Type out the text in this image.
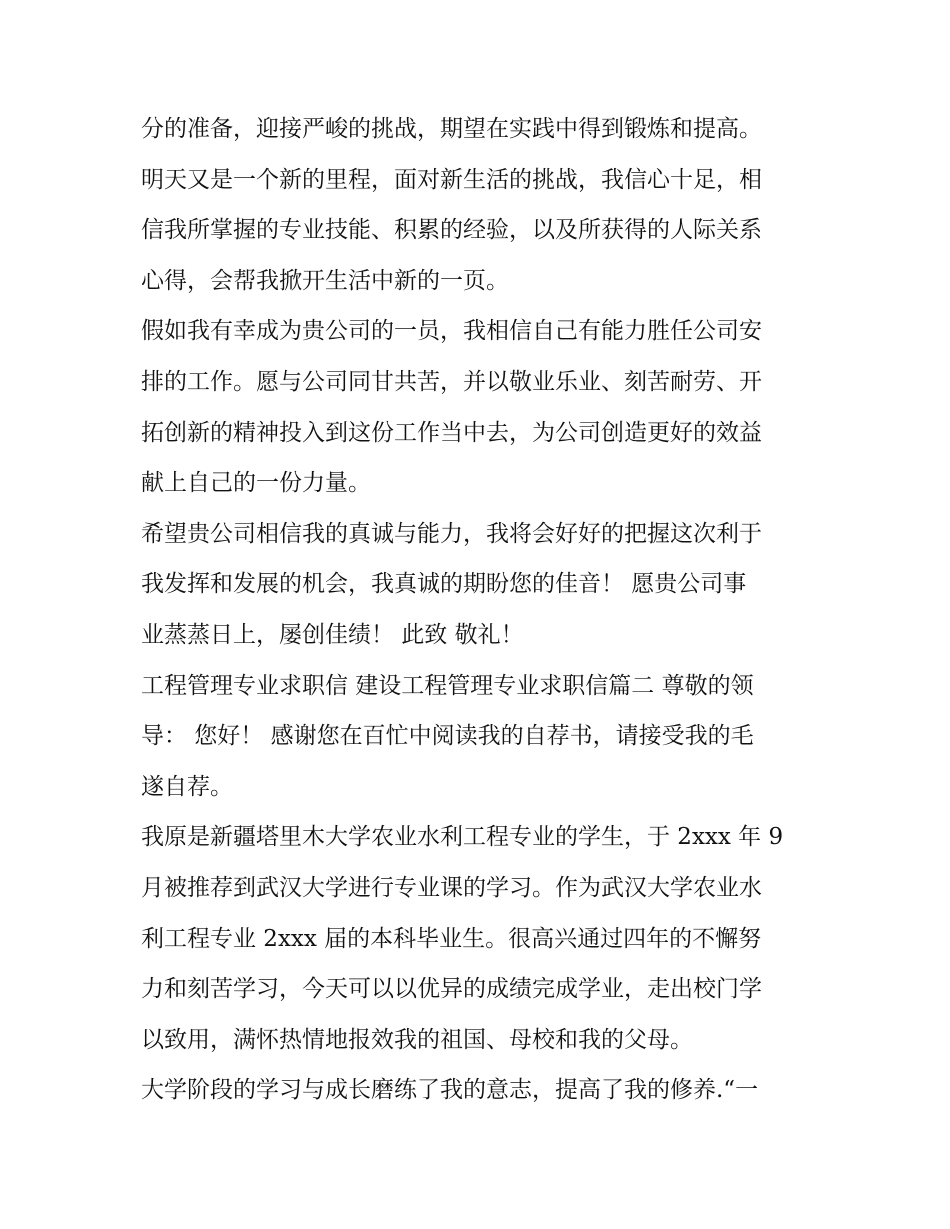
分的准备，迎接严峻的挑战，期望在实践中得到锻炼和提高。
明天又是一个新的里程，面对新生活的挑战，我信心十足，相
信我所掌握的专业技能、积累的经验，以及所获得的人际关系
心得，会帮我掀开生活中新的一页。
假如我有幸成为贵公司的一员，我相信自己有能力胜任公司安
排的工作。愿与公司同甘共苦，并以敬业乐业、刻苦耐劳、开
拓创新的精神投入到这份工作当中去，为公司创造更好的效益
献上自己的一份力量。
希望贵公司相信我的真诚与能力，我将会好好的把握这次利于
我发挥和发展的机会，我真诚的期盼您的佳音！ 愿贵公司事
业蒸蒸日上，屡创佳绩！ 此致 敬礼！
工程管理专业求职信 建设工程管理专业求职信篇二 尊敬的领
导： 您好！ 感谢您在百忙中阅读我的自荐书，请接受我的毛
遂自荐。
我原是新疆塔里木大学农业水利工程专业的学生，于 2xxx 年 9
月被推荐到武汉大学进行专业课的学习。作为武汉大学农业水
利工程专业 2xxx 届的本科毕业生。很高兴通过四年的不懈努
力和刻苦学习，今天可以以优异的成绩完成学业，走出校门学
以致用，满怀热情地报效我的祖国、母校和我的父母。
大学阶段的学习与成长磨练了我的意志，提高了我的修养.“一
